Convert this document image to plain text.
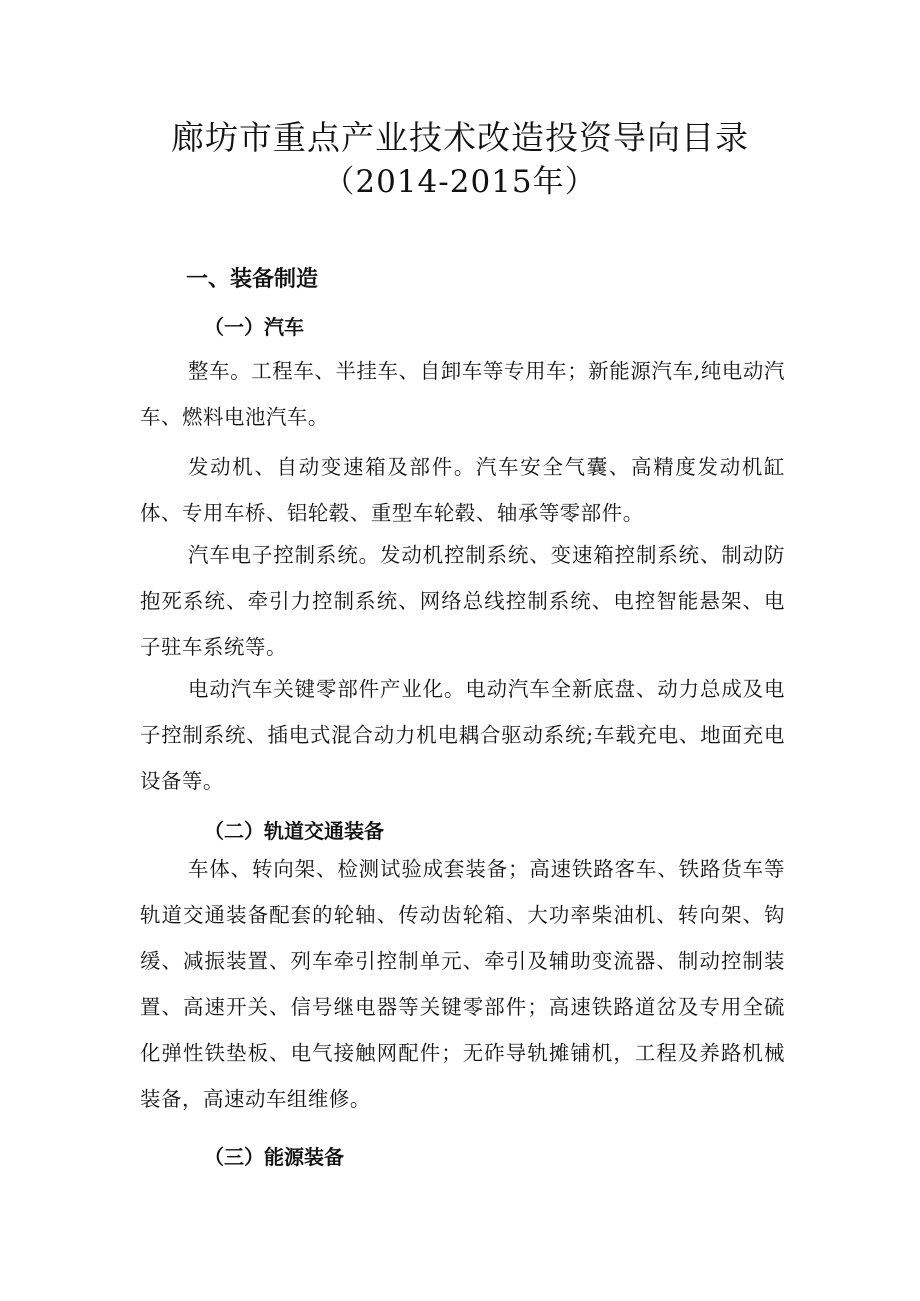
廊坊市重点产业技术改造投资导向目录
（2014-2015年）
一、装备制造
（一）汽车

整车。工程车、半挂车、自卸车等专用车；新能源汽车,纯电动汽车、燃料电池汽车。

发动机、自动变速箱及部件。汽车安全气囊、高精度发动机缸体、专用车桥、铝轮毂、重型车轮毂、轴承等零部件。

汽车电子控制系统。发动机控制系统、变速箱控制系统、制动防抱死系统、牵引力控制系统、网络总线控制系统、电控智能悬架、电子驻车系统等。

电动汽车关键零部件产业化。电动汽车全新底盘、动力总成及电子控制系统、插电式混合动力机电耦合驱动系统;车载充电、地面充电设备等。

（二）轨道交通装备

车体、转向架、检测试验成套装备；高速铁路客车、铁路货车等轨道交通装备配套的轮轴、传动齿轮箱、大功率柴油机、转向架、钩缓、减振装置、列车牵引控制单元、牵引及辅助变流器、制动控制装置、高速开关、信号继电器等关键零部件；高速铁路道岔及专用全硫化弹性铁垫板、电气接触网配件；无砟导轨摊铺机，工程及养路机械装备，高速动车组维修。

（三）能源装备
